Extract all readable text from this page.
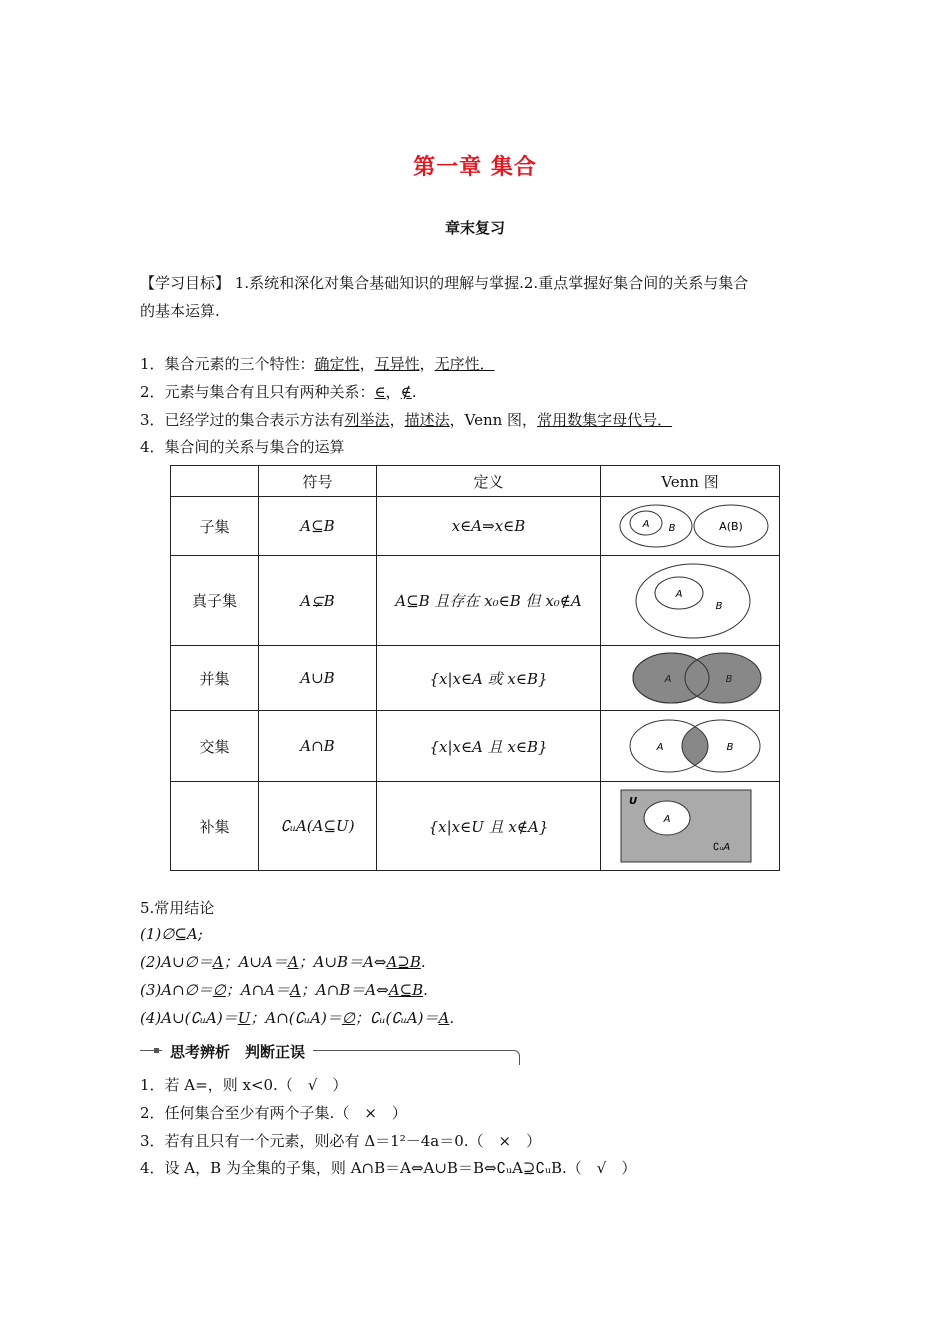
第一章 集合
章末复习
【学习目标】 1.系统和深化对集合基础知识的理解与掌握.2.重点掌握好集合间的关系与集合
的基本运算.
1．集合元素的三个特性：确定性，互异性，无序性．
2．元素与集合有且只有两种关系：∈，∉.
3．已经学过的集合表示方法有列举法，描述法，Venn 图，常用数集字母代号．
4．集合间的关系与集合的运算
	符号	定义	Venn 图
子集	A⊆B	x∈A⇒x∈B	A B A(B)

真子集	A⊊B	A⊆B 且存在 x₀∈B 但 x₀∉A	A
B

并集	A∪B	{x|x∈A 或 x∈B}	A B

交集	A∩B	{x|x∈A 且 x∈B}	A B

补集	∁ᵤA(A⊆U)	{x|x∈U 且 x∉A}	U
A
∁ᵤA
5.常用结论
(1)∅⊆A;
(2)A∪∅＝A；A∪A＝A；A∪B＝A⇔A⊇B.
(3)A∩∅＝∅；A∩A＝A；A∩B＝A⇔A⊆B.
(4)A∪(∁ᵤA)＝U；A∩(∁ᵤA)＝∅；∁ᵤ(∁ᵤA)＝A.
思考辨析　判断正误
1．若 A=，则 x<0.（　√　）
2．任何集合至少有两个子集.（　×　）
3．若有且只有一个元素，则必有 Δ＝1²－4a＝0.（　×　）
4．设 A，B 为全集的子集，则 A∩B＝A⇔A∪B＝B⇔∁ᵤA⊇∁ᵤB.（　√　）
